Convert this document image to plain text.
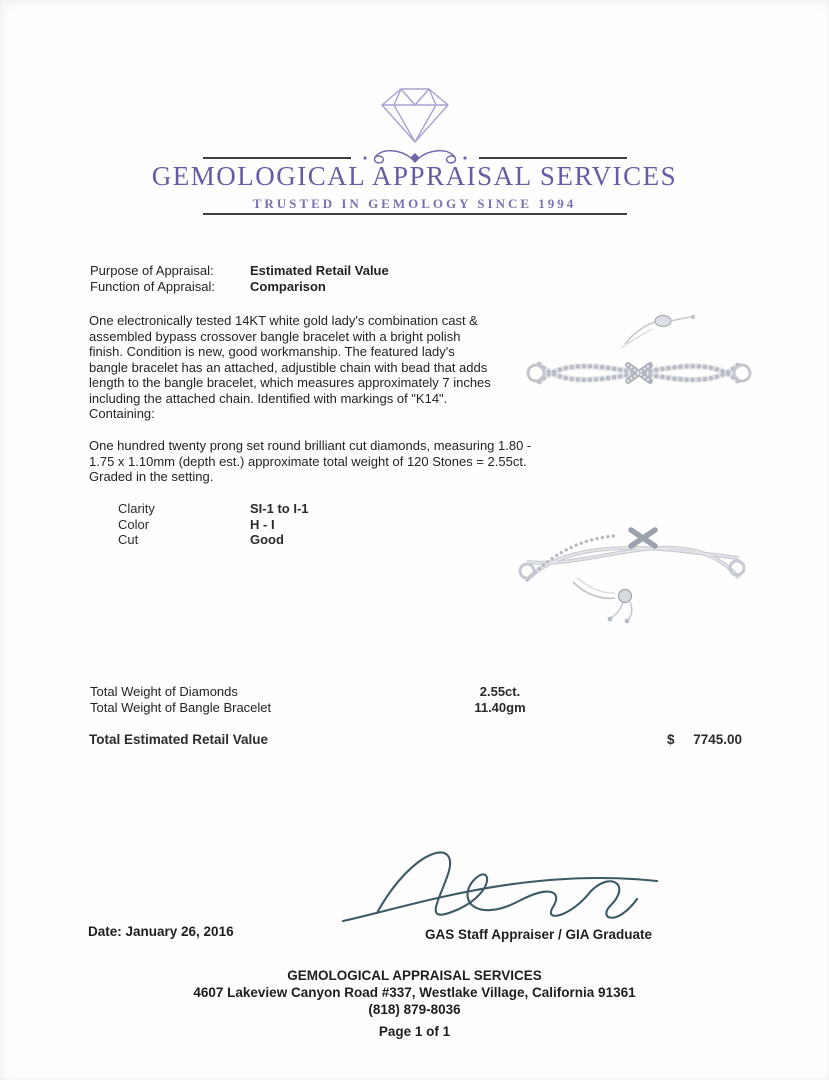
GEMOLOGICAL APPRAISAL SERVICES
TRUSTED IN GEMOLOGY SINCE 1994
Purpose of Appraisal:	Estimated Retail Value
Function of Appraisal:	Comparison
One electronically tested 14KT white gold lady's combination cast & assembled bypass crossover bangle bracelet with a bright polish finish. Condition is new, good workmanship. The featured lady's bangle bracelet has an attached, adjustible chain with bead that adds length to the bangle bracelet, which measures approximately 7 inches including the attached chain. Identified with markings of "K14". Containing:
One hundred twenty prong set round brilliant cut diamonds, measuring 1.80 - 1.75 x 1.10mm (depth est.) approximate total weight of 120 Stones = 2.55ct. Graded in the setting.
Clarity	SI-1 to I-1
Color	H - I
Cut	Good
Total Weight of Diamonds	2.55ct.
Total Weight of Bangle Bracelet	11.40gm
Total Estimated Retail Value	$	7745.00
Date: January 26, 2016	GAS Staff Appraiser / GIA Graduate
GEMOLOGICAL APPRAISAL SERVICES
4607 Lakeview Canyon Road #337, Westlake Village, California 91361
(818) 879-8036
Page 1 of 1
